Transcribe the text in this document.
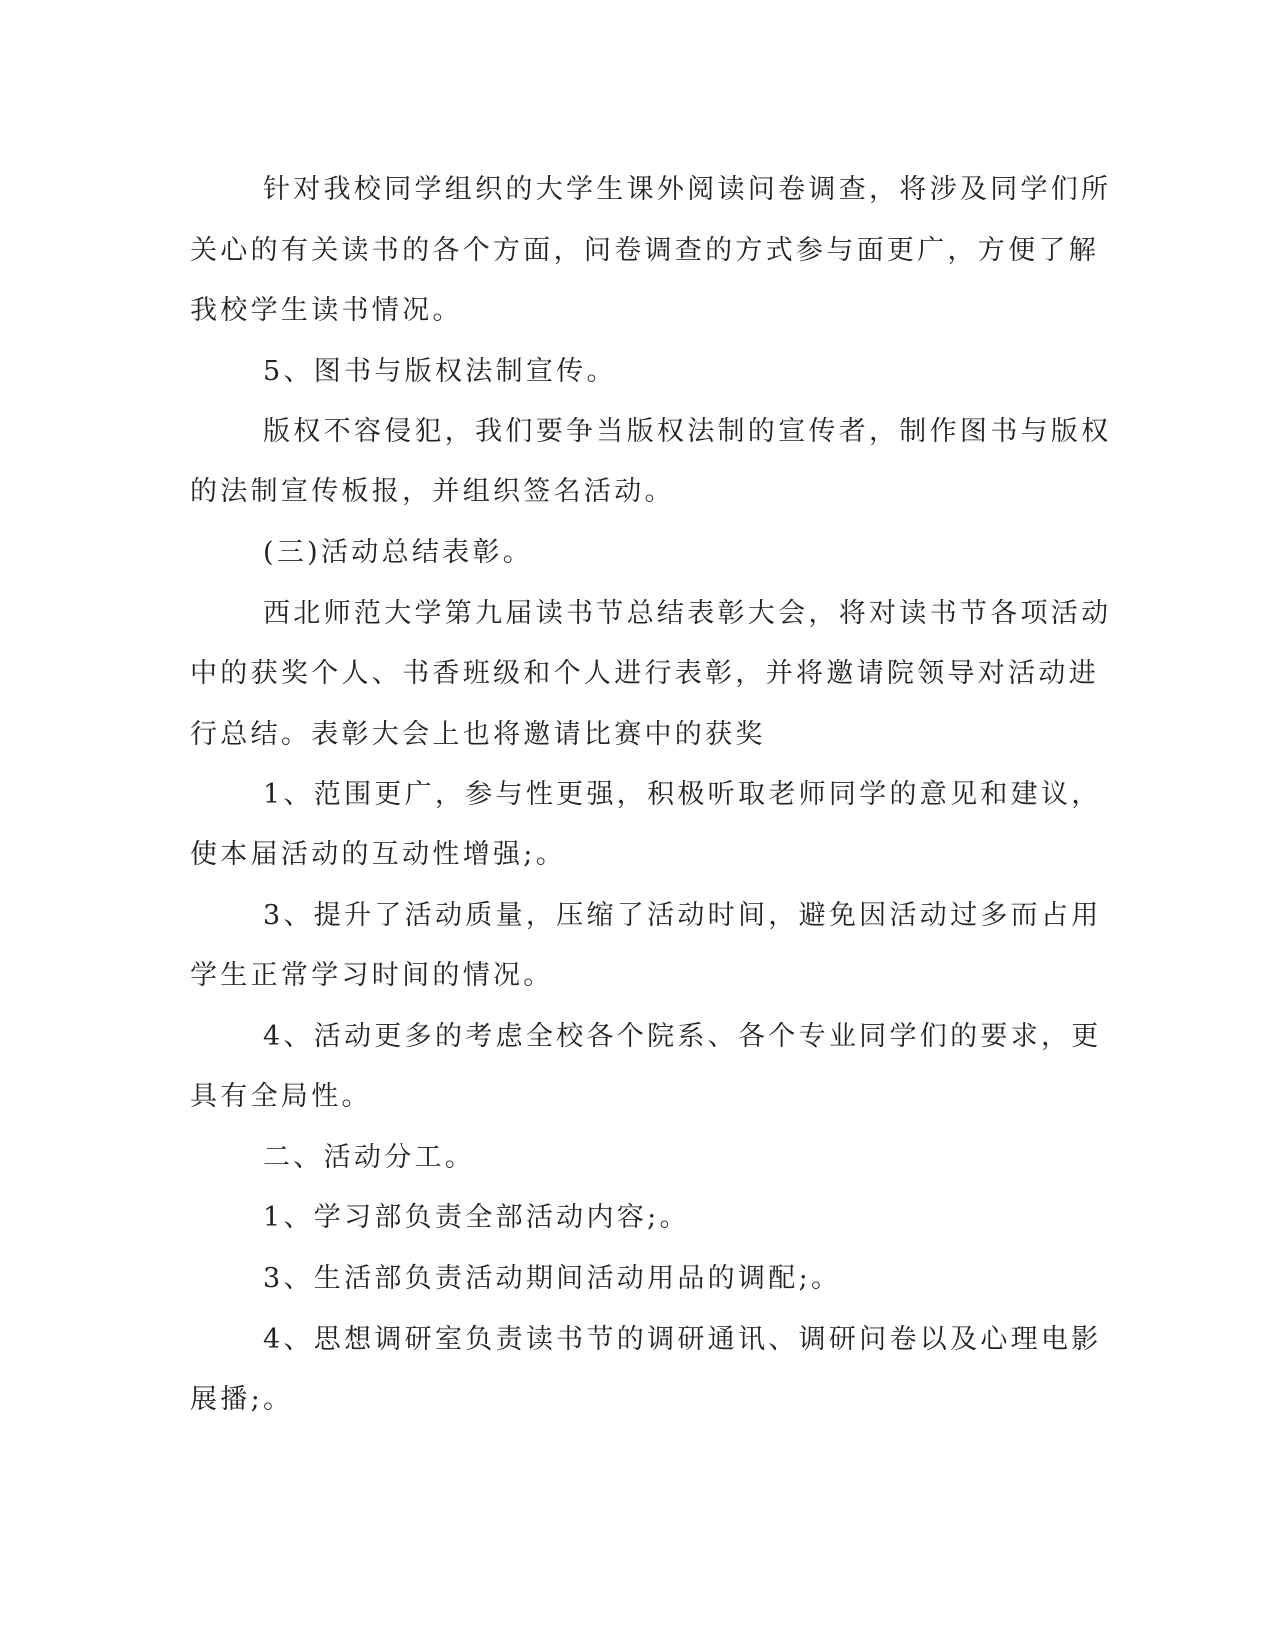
针对我校同学组织的大学生课外阅读问卷调查，将涉及同学们所
关心的有关读书的各个方面，问卷调查的方式参与面更广，方便了解
我校学生读书情况。
5、图书与版权法制宣传。
版权不容侵犯，我们要争当版权法制的宣传者，制作图书与版权
的法制宣传板报，并组织签名活动。
(三)活动总结表彰。
西北师范大学第九届读书节总结表彰大会，将对读书节各项活动
中的获奖个人、书香班级和个人进行表彰，并将邀请院领导对活动进
行总结。表彰大会上也将邀请比赛中的获奖
1、范围更广，参与性更强，积极听取老师同学的意见和建议，
使本届活动的互动性增强;。
3、提升了活动质量，压缩了活动时间，避免因活动过多而占用
学生正常学习时间的情况。
4、活动更多的考虑全校各个院系、各个专业同学们的要求，更
具有全局性。
二、活动分工。
1、学习部负责全部活动内容;。
3、生活部负责活动期间活动用品的调配;。
4、思想调研室负责读书节的调研通讯、调研问卷以及心理电影
展播;。
